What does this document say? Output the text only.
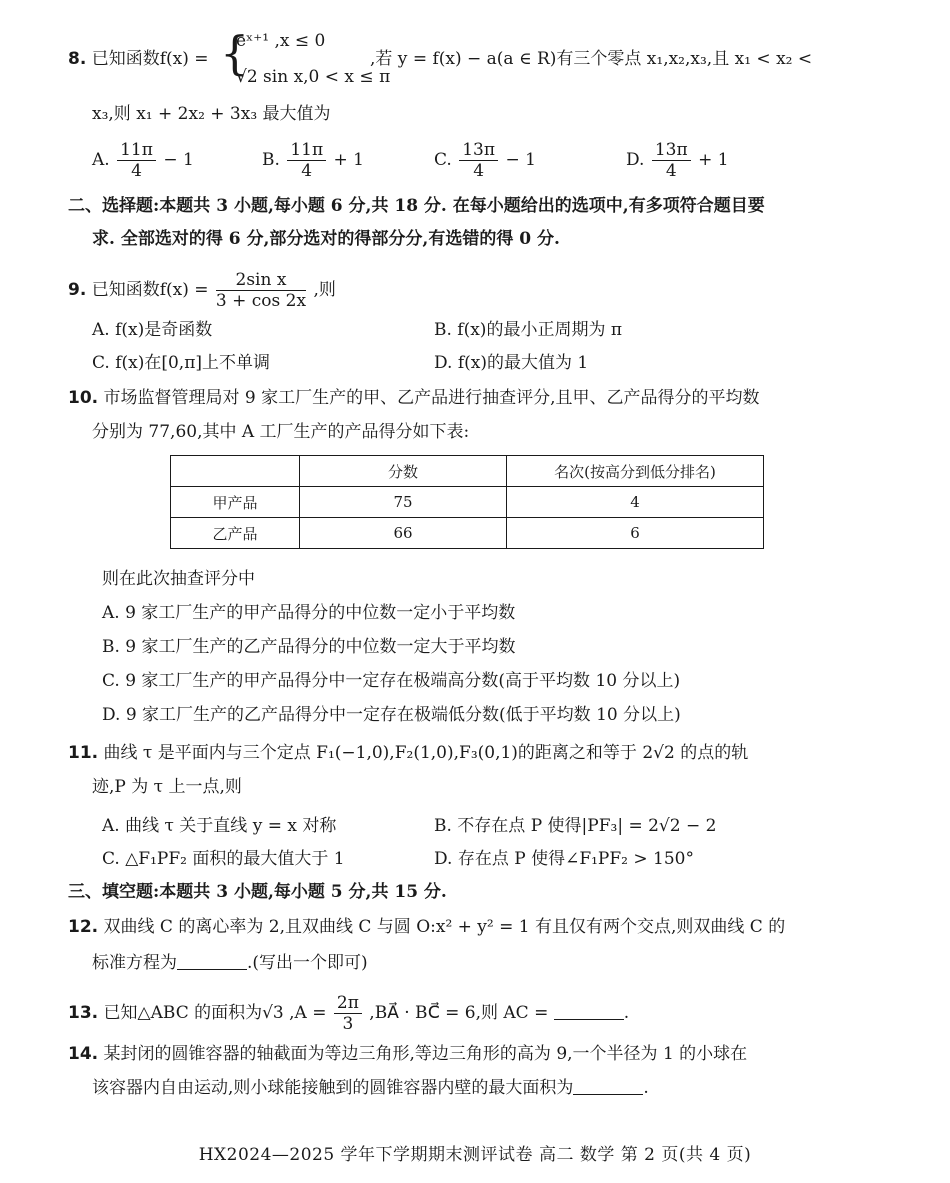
8. 已知函数f(x) = {
eˣ⁺¹ ,x ≤ 0
√2 sin x,0 < x ≤ π
,若 y = f(x) − a(a ∈ R)有三个零点 x₁,x₂,x₃,且 x₁ < x₂ <
x₃,则 x₁ + 2x₂ + 3x₃ 最大值为
A. $\frac{11\pi}{4} - 1$	B. $\frac{11\pi}{4} + 1$	C. $\frac{13\pi}{4} - 1$	D. $\frac{13\pi}{4} + 1$
二、选择题:本题共 3 小题,每小题 6 分,共 18 分. 在每小题给出的选项中,有多项符合题目要
求. 全部选对的得 6 分,部分选对的得部分分,有选错的得 0 分.
9. 已知函数$f(x) = \frac{\text{2sin x}}{3 + \cos 2x}$ ,则
A. f(x)是奇函数	B. f(x)的最小正周期为 π
C. f(x)在[0,π]上不单调	D. f(x)的最大值为 1
10. 市场监督管理局对 9 家工厂生产的甲、乙产品进行抽查评分,且甲、乙产品得分的平均数
分别为 77,60,其中 A 工厂生产的产品得分如下表:
	分数	名次(按高分到低分排名)
甲产品	75	4
乙产品	66	6
则在此次抽查评分中
A. 9 家工厂生产的甲产品得分的中位数一定小于平均数
B. 9 家工厂生产的乙产品得分的中位数一定大于平均数
C. 9 家工厂生产的甲产品得分中一定存在极端高分数(高于平均数 10 分以上)
D. 9 家工厂生产的乙产品得分中一定存在极端低分数(低于平均数 10 分以上)
11. 曲线 τ 是平面内与三个定点 F₁(−1,0),F₂(1,0),F₃(0,1)的距离之和等于 2√2 的点的轨
迹,P 为 τ 上一点,则
A. 曲线 τ 关于直线 y = x 对称	B. 不存在点 P 使得|PF₃| = 2√2 − 2
C. △F₁PF₂ 面积的最大值大于 1	D. 存在点 P 使得∠F₁PF₂ > 150°
三、填空题:本题共 3 小题,每小题 5 分,共 15 分.
12. 双曲线 C 的离心率为 2,且双曲线 C 与圆 O:x² + y² = 1 有且仅有两个交点,则双曲线 C 的
标准方程为	.(写出一个即可)
13. 已知△ABC 的面积为√3 $,A = \frac{2\pi}{3}$ ,BA⃗ · BC⃗ = 6,则 AC =	.
14. 某封闭的圆锥容器的轴截面为等边三角形,等边三角形的高为 9,一个半径为 1 的小球在
该容器内自由运动,则小球能接触到的圆锥容器内壁的最大面积为	.
HX2024—2025 学年下学期期末测评试卷 高二 数学 第 2 页(共 4 页)
